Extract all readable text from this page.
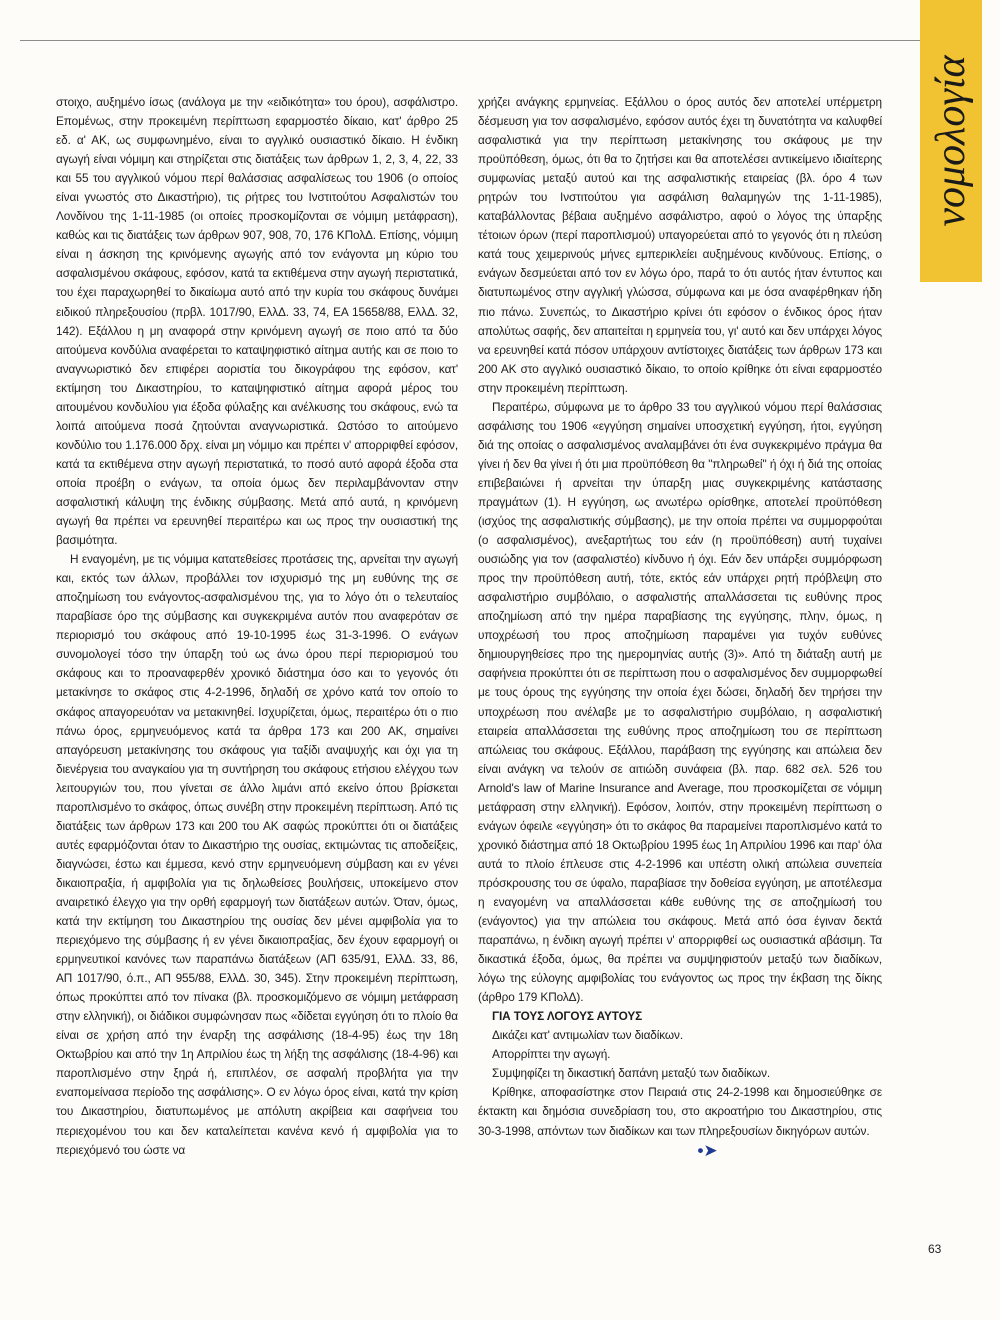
νομολογία

στοιχο, αυξημένο ίσως (ανάλογα με την «ειδικότητα» του όρου), ασφάλιστρο. Επομένως, στην προκειμένη περίπτωση εφαρμοστέο δίκαιο, κατ' άρθρο 25 εδ. α' ΑΚ, ως συμφωνημένο, είναι το αγγλικό ουσιαστικό δίκαιο. Η ένδικη αγωγή είναι νόμιμη και στηρίζεται στις διατάξεις των άρθρων 1, 2, 3, 4, 22, 33 και 55 του αγγλικού νόμου περί θαλάσσιας ασφαλίσεως του 1906 (ο οποίος είναι γνωστός στο Δικαστήριο), τις ρήτρες του Ινστιτούτου Ασφαλιστών του Λονδίνου της 1-11-1985 (οι οποίες προσκομίζονται σε νόμιμη μετάφραση), καθώς και τις διατάξεις των άρθρων 907, 908, 70, 176 ΚΠολΔ. Επίσης, νόμιμη είναι η άσκηση της κρινόμενης αγωγής από τον ενάγοντα μη κύριο του ασφαλισμένου σκάφους, εφόσον, κατά τα εκτιθέμενα στην αγωγή περιστατικά, του έχει παραχωρηθεί το δικαίωμα αυτό από την κυρία του σκάφους δυνάμει ειδικού πληρεξουσίου (πρβλ. 1017/90, ΕλλΔ. 33, 74, ΕΑ 15658/88, ΕλλΔ. 32, 142). Εξάλλου η μη αναφορά στην κρινόμενη αγωγή σε ποιο από τα δύο αιτούμενα κονδύλια αναφέρεται το καταψηφιστικό αίτημα αυτής και σε ποιο το αναγνωριστικό δεν επιφέρει αοριστία του δικογράφου της εφόσον, κατ' εκτίμηση του Δικαστηρίου, το καταψηφιστικό αίτημα αφορά μέρος του αιτουμένου κονδυλίου για έξοδα φύλαξης και ανέλκυσης του σκάφους, ενώ τα λοιπά αιτούμενα ποσά ζητούνται αναγνωριστικά. Ωστόσο το αιτούμενο κονδύλιο του 1.176.000 δρχ. είναι μη νόμιμο και πρέπει ν' απορριφθεί εφόσον, κατά τα εκτιθέμενα στην αγωγή περιστατικά, το ποσό αυτό αφορά έξοδα στα οποία προέβη ο ενάγων, τα οποία όμως δεν περιλαμβάνονταν στην ασφαλιστική κάλυψη της ένδικης σύμβασης. Μετά από αυτά, η κρινόμενη αγωγή θα πρέπει να ερευνηθεί περαιτέρω και ως προς την ουσιαστική της βασιμότητα.

Η εναγομένη, με τις νόμιμα κατατεθείσες προτάσεις της, αρνείται την αγωγή και, εκτός των άλλων, προβάλλει τον ισχυρισμό της μη ευθύνης της σε αποζημίωση του ενάγοντος-ασφαλισμένου της, για το λόγο ότι ο τελευταίος παραβίασε όρο της σύμβασης και συγκεκριμένα αυτόν που αναφερόταν σε περιορισμό του σκάφους από 19-10-1995 έως 31-3-1996. Ο ενάγων συνομολογεί τόσο την ύπαρξη τού ως άνω όρου περί περιορισμού του σκάφους και το προαναφερθέν χρονικό διάστημα όσο και το γεγονός ότι μετακίνησε το σκάφος στις 4-2-1996, δηλαδή σε χρόνο κατά τον οποίο το σκάφος απαγορευόταν να μετακινηθεί. Ισχυρίζεται, όμως, περαιτέρω ότι ο πιο πάνω όρος, ερμηνευόμενος κατά τα άρθρα 173 και 200 ΑΚ, σημαίνει απαγόρευση μετακίνησης του σκάφους για ταξίδι αναψυχής και όχι για τη διενέργεια του αναγκαίου για τη συντήρηση του σκάφους ετήσιου ελέγχου των λειτουργιών του, που γίνεται σε άλλο λιμάνι από εκείνο όπου βρίσκεται παροπλισμένο το σκάφος, όπως συνέβη στην προκειμένη περίπτωση. Από τις διατάξεις των άρθρων 173 και 200 του ΑΚ σαφώς προκύπτει ότι οι διατάξεις αυτές εφαρμόζονται όταν το Δικαστήριο της ουσίας, εκτιμώντας τις αποδείξεις, διαγνώσει, έστω και έμμεσα, κενό στην ερμηνευόμενη σύμβαση και εν γένει δικαιοπραξία, ή αμφιβολία για τις δηλωθείσες βουλήσεις, υποκείμενο στον αναιρετικό έλεγχο για την ορθή εφαρμογή των διατάξεων αυτών. Όταν, όμως, κατά την εκτίμηση του Δικαστηρίου της ουσίας δεν μένει αμφιβολία για το περιεχόμενο της σύμβασης ή εν γένει δικαιοπραξίας, δεν έχουν εφαρμογή οι ερμηνευτικοί κανόνες των παραπάνω διατάξεων (ΑΠ 635/91, ΕλλΔ. 33, 86, ΑΠ 1017/90, ό.π., ΑΠ 955/88, ΕλλΔ. 30, 345). Στην προκειμένη περίπτωση, όπως προκύπτει από τον πίνακα (βλ. προσκομιζόμενο σε νόμιμη μετάφραση στην ελληνική), οι διάδικοι συμφώνησαν πως «δίδεται εγγύηση ότι το πλοίο θα είναι σε χρήση από την έναρξη της ασφάλισης (18-4-95) έως την 18η Οκτωβρίου και από την 1η Απριλίου έως τη λήξη της ασφάλισης (18-4-96) και παροπλισμένο στην ξηρά ή, επιπλέον, σε ασφαλή προβλήτα για την εναπομείνασα περίοδο της ασφάλισης». Ο εν λόγω όρος είναι, κατά την κρίση του Δικαστηρίου, διατυπωμένος με απόλυτη ακρίβεια και σαφήνεια του περιεχομένου του και δεν καταλείπεται κανένα κενό ή αμφιβολία για το περιεχόμενό του ώστε να

χρήζει ανάγκης ερμηνείας. Εξάλλου ο όρος αυτός δεν αποτελεί υπέρμετρη δέσμευση για τον ασφαλισμένο, εφόσον αυτός έχει τη δυνατότητα να καλυφθεί ασφαλιστικά για την περίπτωση μετακίνησης του σκάφους με την προϋπόθεση, όμως, ότι θα το ζητήσει και θα αποτελέσει αντικείμενο ιδιαίτερης συμφωνίας μεταξύ αυτού και της ασφαλιστικής εταιρείας (βλ. όρο 4 των ρητρών του Ινστιτούτου για ασφάλιση θαλαμηγών της 1-11-1985), καταβάλλοντας βέβαια αυξημένο ασφάλιστρο, αφού ο λόγος της ύπαρξης τέτοιων όρων (περί παροπλισμού) υπαγορεύεται από το γεγονός ότι η πλεύση κατά τους χειμερινούς μήνες εμπερικλείει αυξημένους κινδύνους. Επίσης, ο ενάγων δεσμεύεται από τον εν λόγω όρο, παρά το ότι αυτός ήταν έντυπος και διατυπωμένος στην αγγλική γλώσσα, σύμφωνα και με όσα αναφέρθηκαν ήδη πιο πάνω. Συνεπώς, το Δικαστήριο κρίνει ότι εφόσον ο ένδικος όρος ήταν απολύτως σαφής, δεν απαιτείται η ερμηνεία του, γι' αυτό και δεν υπάρχει λόγος να ερευνηθεί κατά πόσον υπάρχουν αντίστοιχες διατάξεις των άρθρων 173 και 200 ΑΚ στο αγγλικό ουσιαστικό δίκαιο, το οποίο κρίθηκε ότι είναι εφαρμοστέο στην προκειμένη περίπτωση.

Περαιτέρω, σύμφωνα με το άρθρο 33 του αγγλικού νόμου περί θαλάσσιας ασφάλισης του 1906 «εγγύηση σημαίνει υποσχετική εγγύηση, ήτοι, εγγύηση διά της οποίας ο ασφαλισμένος αναλαμβάνει ότι ένα συγκεκριμένο πράγμα θα γίνει ή δεν θα γίνει ή ότι μια προϋπόθεση θα "πληρωθεί" ή όχι ή διά της οποίας επιβεβαιώνει ή αρνείται την ύπαρξη μιας συγκεκριμένης κατάστασης πραγμάτων (1). Η εγγύηση, ως ανωτέρω ορίσθηκε, αποτελεί προϋπόθεση (ισχύος της ασφαλιστικής σύμβασης), με την οποία πρέπει να συμμορφούται (ο ασφαλισμένος), ανεξαρτήτως του εάν (η προϋπόθεση) αυτή τυχαίνει ουσιώδης για τον (ασφαλιστέο) κίνδυνο ή όχι. Εάν δεν υπάρξει συμμόρφωση προς την προϋπόθεση αυτή, τότε, εκτός εάν υπάρχει ρητή πρόβλεψη στο ασφαλιστήριο συμβόλαιο, ο ασφαλιστής απαλλάσσεται τις ευθύνης προς αποζημίωση από την ημέρα παραβίασης της εγγύησης, πλην, όμως, η υποχρέωσή του προς αποζημίωση παραμένει για τυχόν ευθύνες δημιουργηθείσες προ της ημερομηνίας αυτής (3)». Από τη διάταξη αυτή με σαφήνεια προκύπτει ότι σε περίπτωση που ο ασφαλισμένος δεν συμμορφωθεί με τους όρους της εγγύησης την οποία έχει δώσει, δηλαδή δεν τηρήσει την υποχρέωση που ανέλαβε με το ασφαλιστήριο συμβόλαιο, η ασφαλιστική εταιρεία απαλλάσσεται της ευθύνης προς αποζημίωση του σε περίπτωση απώλειας του σκάφους. Εξάλλου, παράβαση της εγγύησης και απώλεια δεν είναι ανάγκη να τελούν σε αιτιώδη συνάφεια (βλ. παρ. 682 σελ. 526 του Arnold's law of Marine Insurance and Average, που προσκομίζεται σε νόμιμη μετάφραση στην ελληνική). Εφόσον, λοιπόν, στην προκειμένη περίπτωση ο ενάγων όφειλε «εγγύηση» ότι το σκάφος θα παραμείνει παροπλισμένο κατά το χρονικό διάστημα από 18 Οκτωβρίου 1995 έως 1η Απριλίου 1996 και παρ' όλα αυτά το πλοίο έπλευσε στις 4-2-1996 και υπέστη ολική απώλεια συνεπεία πρόσκρουσης του σε ύφαλο, παραβίασε την δοθείσα εγγύηση, με αποτέλεσμα η εναγομένη να απαλλάσσεται κάθε ευθύνης της σε αποζημίωσή του (ενάγοντος) για την απώλεια του σκάφους. Μετά από όσα έγιναν δεκτά παραπάνω, η ένδικη αγωγή πρέπει ν' απορριφθεί ως ουσιαστικά αβάσιμη. Τα δικαστικά έξοδα, όμως, θα πρέπει να συμψηφιστούν μεταξύ των διαδίκων, λόγω της εύλογης αμφιβολίας του ενάγοντος ως προς την έκβαση της δίκης (άρθρο 179 ΚΠολΔ).

ΓΙΑ ΤΟΥΣ ΛΟΓΟΥΣ ΑΥΤΟΥΣ

Δικάζει κατ' αντιμωλίαν των διαδίκων.

Απορρίπτει την αγωγή.

Συμψηφίζει τη δικαστική δαπάνη μεταξύ των διαδίκων.

Κρίθηκε, αποφασίστηκε στον Πειραιά στις 24-2-1998 και δημοσιεύθηκε σε έκτακτη και δημόσια συνεδρίαση του, στο ακροατήριο του Δικαστηρίου, στις 30-3-1998, απόντων των διαδίκων και των πληρεξουσίων δικηγόρων αυτών.

•➤
63
